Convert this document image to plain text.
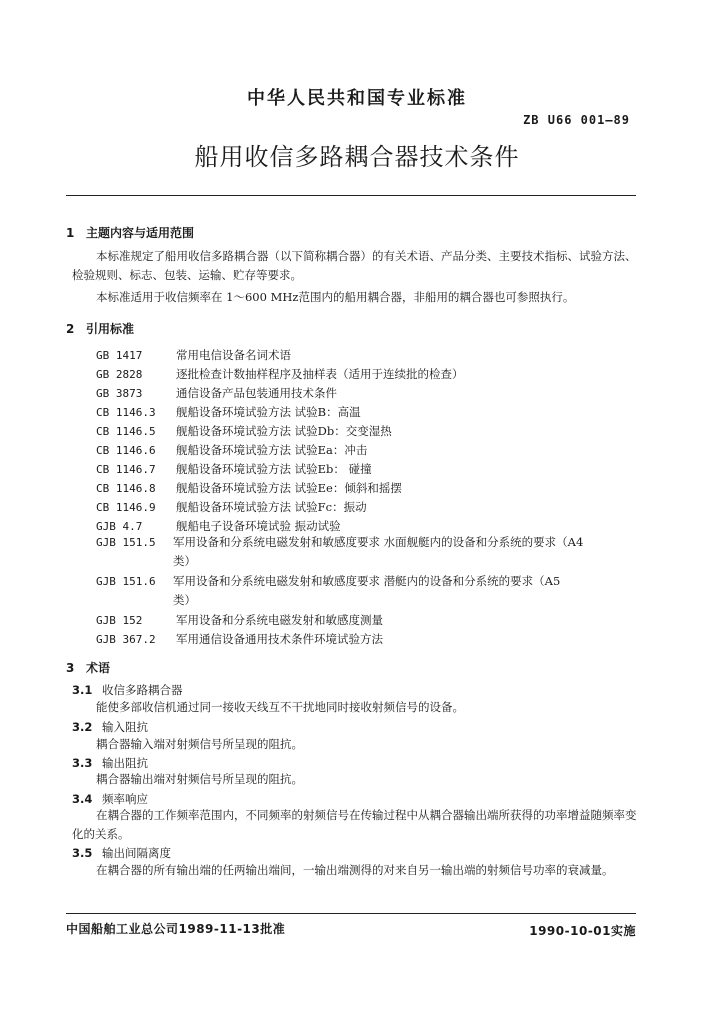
中华人民共和国专业标准
ZB U66 001—89
船用收信多路耦合器技术条件
1 主题内容与适用范围
本标准规定了船用收信多路耦合器（以下简称耦合器）的有关术语、产品分类、主要技术指标、试验方法、检验规则、标志、包装、运输、贮存等要求。
本标准适用于收信频率在 1～600 MHz范围内的船用耦合器，非船用的耦合器也可参照执行。
2 引用标准
GB 1417	常用电信设备名词术语
GB 2828	逐批检查计数抽样程序及抽样表（适用于连续批的检查）
GB 3873	通信设备产品包装通用技术条件
CB 1146.3 舰船设备环境试验方法 试验B：高温
CB 1146.5 舰船设备环境试验方法 试验Db：交变湿热
CB 1146.6 舰船设备环境试验方法 试验Ea：冲击
CB 1146.7 舰船设备环境试验方法 试验Eb： 碰撞
CB 1146.8 舰船设备环境试验方法 试验Ee：倾斜和摇摆
CB 1146.9 舰船设备环境试验方法 试验Fc：振动
GJB 4.7	舰船电子设备环境试验 振动试验
GJB 151.5 军用设备和分系统电磁发射和敏感度要求 水面舰艇内的设备和分系统的要求（A4
类）
GJB 151.6 军用设备和分系统电磁发射和敏感度要求 潜艇内的设备和分系统的要求（A5
类）
GJB 152	军用设备和分系统电磁发射和敏感度测量
GJB 367.2 军用通信设备通用技术条件环境试验方法
3 术语
3.1 收信多路耦合器
能使多部收信机通过同一接收天线互不干扰地同时接收射频信号的设备。
3.2 输入阻抗
耦合器输入端对射频信号所呈现的阻抗。
3.3 输出阻抗
耦合器输出端对射频信号所呈现的阻抗。
3.4 频率响应
在耦合器的工作频率范围内，不同频率的射频信号在传输过程中从耦合器输出端所获得的功率增益随频率变化的关系。
3.5 输出间隔离度
在耦合器的所有输出端的任两输出端间，一输出端测得的对来自另一输出端的射频信号功率的衰减量。
中国船舶工业总公司1989-11-13批准	1990-10-01实施
